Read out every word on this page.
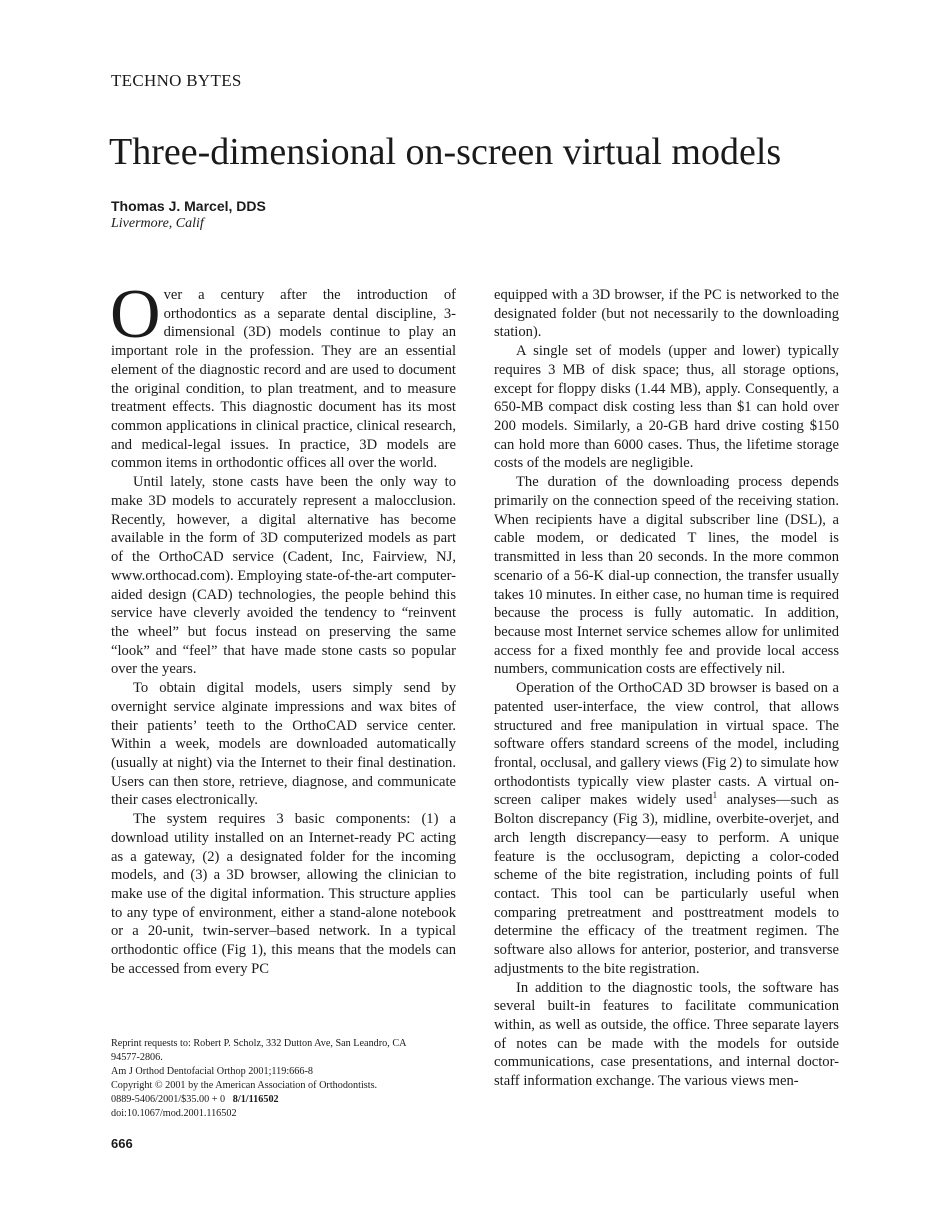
TECHNO BYTES
Three-dimensional on-screen virtual models
Thomas J. Marcel, DDS
Livermore, Calif

Over a century after the introduction of orthodontics as a separate dental discipline, 3-dimensional (3D) models continue to play an important role in the profession. They are an essential element of the diagnostic record and are used to document the original condition, to plan treatment, and to measure treatment effects. This diagnostic document has its most common applications in clinical practice, clinical research, and medical-legal issues. In practice, 3D models are common items in orthodontic offices all over the world.

Until lately, stone casts have been the only way to make 3D models to accurately represent a malocclusion. Recently, however, a digital alternative has become available in the form of 3D computerized models as part of the OrthoCAD service (Cadent, Inc, Fairview, NJ, www.orthocad.com). Employing state-of-the-art computer-aided design (CAD) technologies, the people behind this service have cleverly avoided the tendency to “reinvent the wheel” but focus instead on preserving the same “look” and “feel” that have made stone casts so popular over the years.

To obtain digital models, users simply send by overnight service alginate impressions and wax bites of their patients’ teeth to the OrthoCAD service center. Within a week, models are downloaded automatically (usually at night) via the Internet to their final destination. Users can then store, retrieve, diagnose, and communicate their cases electronically.

The system requires 3 basic components: (1) a download utility installed on an Internet-ready PC acting as a gateway, (2) a designated folder for the incoming models, and (3) a 3D browser, allowing the clinician to make use of the digital information. This structure applies to any type of environment, either a stand-alone notebook or a 20-unit, twin-server–based network. In a typical orthodontic office (Fig 1), this means that the models can be accessed from every PC

equipped with a 3D browser, if the PC is networked to the designated folder (but not necessarily to the downloading station).

A single set of models (upper and lower) typically requires 3 MB of disk space; thus, all storage options, except for floppy disks (1.44 MB), apply. Consequently, a 650-MB compact disk costing less than $1 can hold over 200 models. Similarly, a 20-GB hard drive costing $150 can hold more than 6000 cases. Thus, the lifetime storage costs of the models are negligible.

The duration of the downloading process depends primarily on the connection speed of the receiving station. When recipients have a digital subscriber line (DSL), a cable modem, or dedicated T lines, the model is transmitted in less than 20 seconds. In the more common scenario of a 56-K dial-up connection, the transfer usually takes 10 minutes. In either case, no human time is required because the process is fully automatic. In addition, because most Internet service schemes allow for unlimited access for a fixed monthly fee and provide local access numbers, communication costs are effectively nil.

Operation of the OrthoCAD 3D browser is based on a patented user-interface, the view control, that allows structured and free manipulation in virtual space. The software offers standard screens of the model, including frontal, occlusal, and gallery views (Fig 2) to simulate how orthodontists typically view plaster casts. A virtual on-screen caliper makes widely used$^1$ analyses—such as Bolton discrepancy (Fig 3), midline, overbite-overjet, and arch length discrepancy—easy to perform. A unique feature is the occlusogram, depicting a color-coded scheme of the bite registration, including points of full contact. This tool can be particularly useful when comparing pretreatment and posttreatment models to determine the efficacy of the treatment regimen. The software also allows for anterior, posterior, and transverse adjustments to the bite registration.

In addition to the diagnostic tools, the software has several built-in features to facilitate communication within, as well as outside, the office. Three separate layers of notes can be made with the models for outside communications, case presentations, and internal doctor-staff information exchange. The various views men-

Reprint requests to: Robert P. Scholz, 332 Dutton Ave, San Leandro, CA
94577-2806.
Am J Orthod Dentofacial Orthop 2001;119:666-8
Copyright © 2001 by the American Association of Orthodontists.
0889-5406/2001/$35.00 + 0 8/1/116502
doi:10.1067/mod.2001.116502
666
